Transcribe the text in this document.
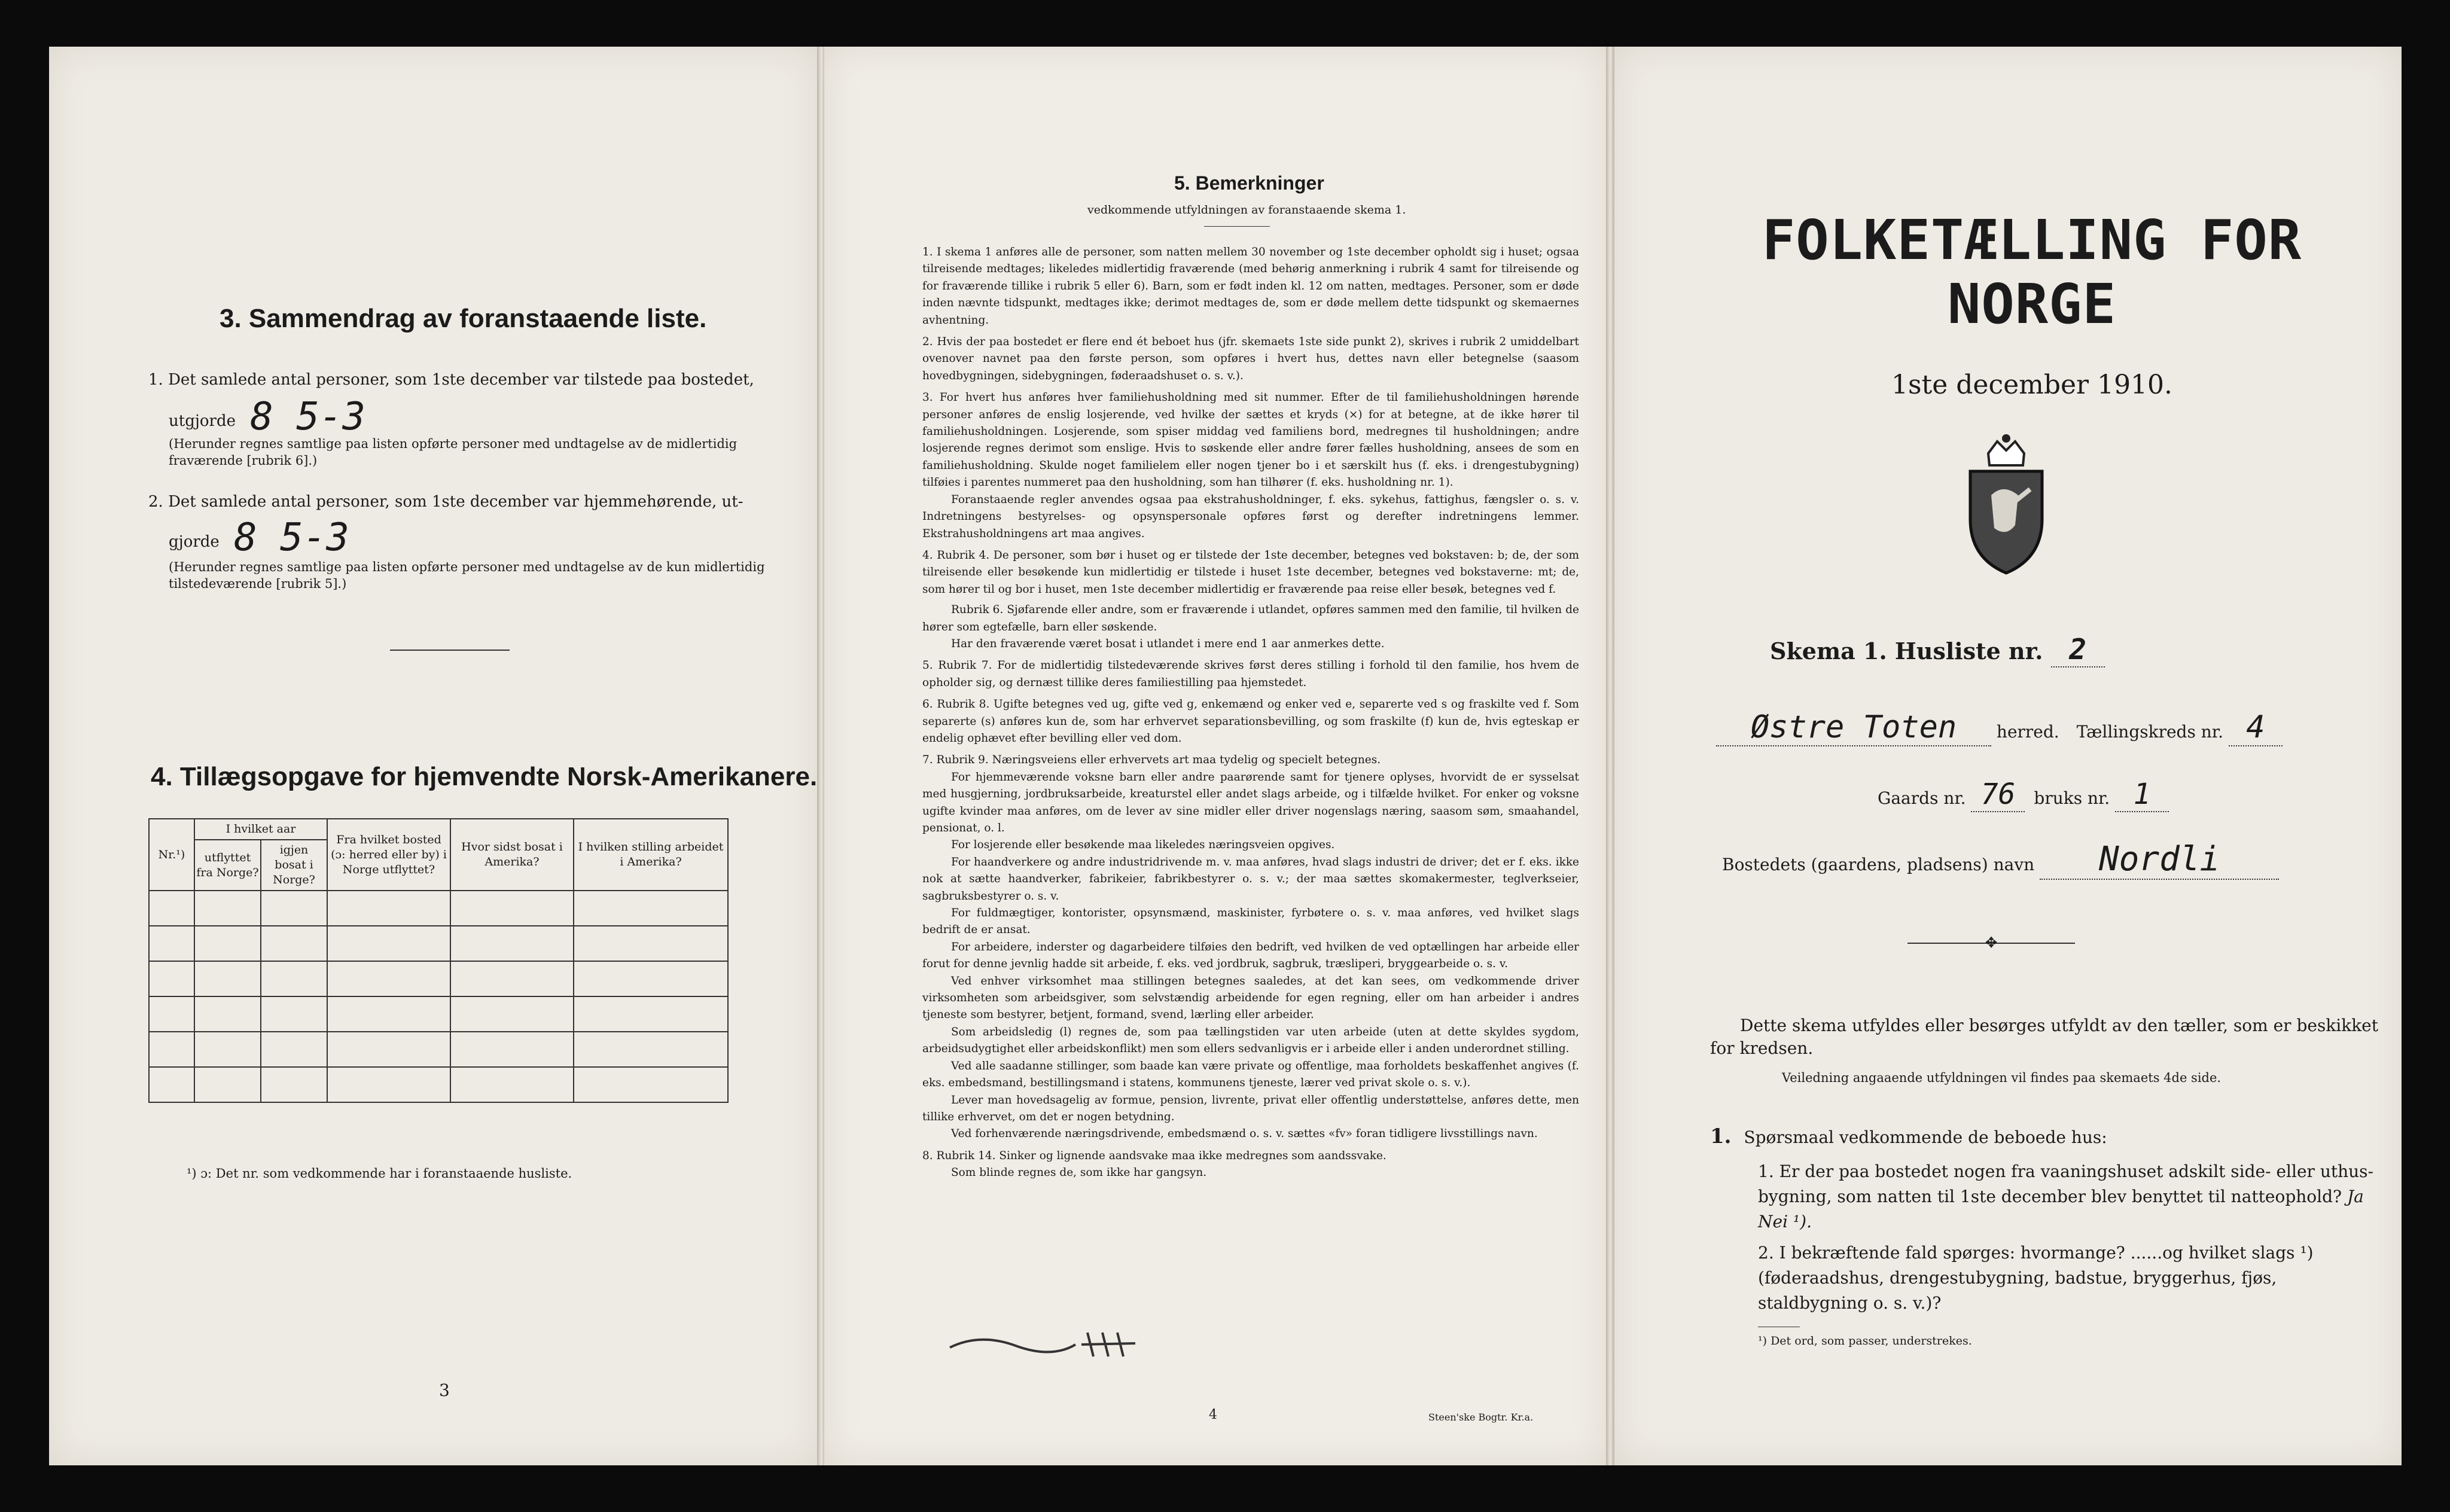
3. Sammendrag av foranstaaende liste.
1. Det samlede antal personer, som 1ste december var tilstede paa bostedet,
utgjorde 8 5-3
(Herunder regnes samtlige paa listen opførte personer med undtagelse av de midlertidig fraværende [rubrik 6].)
2. Det samlede antal personer, som 1ste december var hjemmehørende, ut-
gjorde 8 5-3
(Herunder regnes samtlige paa listen opførte personer med undtagelse av de kun midlertidig tilstedeværende [rubrik 5].)
4. Tillægsopgave for hjemvendte Norsk-Amerikanere.
Nr.¹)	I hvilket aar		Fra hvilket bosted (ɔ: herred eller by) i Norge utflyttet?	Hvor sidst bosat i Amerika?	I hvilken stilling arbeidet i Amerika?
	utflyttet fra Norge?	igjen bosat i Norge?			

¹) ɔ: Det nr. som vedkommende har i foranstaaende husliste.
3
5. Bemerkninger
vedkommende utfyldningen av foranstaaende skema 1.

1. I skema 1 anføres alle de personer, som natten mellem 30 november og 1ste december opholdt sig i huset; ogsaa tilreisende medtages; likeledes midlertidig fraværende (med behørig anmerkning i rubrik 4 samt for tilreisende og for fraværende tillike i rubrik 5 eller 6). Barn, som er født inden kl. 12 om natten, medtages. Personer, som er døde inden nævnte tidspunkt, medtages ikke; derimot medtages de, som er døde mellem dette tidspunkt og skemaernes avhentning.

2. Hvis der paa bostedet er flere end ét beboet hus (jfr. skemaets 1ste side punkt 2), skrives i rubrik 2 umiddelbart ovenover navnet paa den første person, som opføres i hvert hus, dettes navn eller betegnelse (saasom hovedbygningen, sidebygningen, føderaadshuset o. s. v.).

3. For hvert hus anføres hver familiehusholdning med sit nummer. Efter de til familiehusholdningen hørende personer anføres de enslig losjerende, ved hvilke der sættes et kryds (×) for at betegne, at de ikke hører til familiehusholdningen. Losjerende, som spiser middag ved familiens bord, medregnes til husholdningen; andre losjerende regnes derimot som enslige. Hvis to søskende eller andre fører fælles husholdning, ansees de som en familiehusholdning. Skulde noget familielem eller nogen tjener bo i et særskilt hus (f. eks. i drengestubygning) tilføies i parentes nummeret paa den husholdning, som han tilhører (f. eks. husholdning nr. 1).

Foranstaaende regler anvendes ogsaa paa ekstrahusholdninger, f. eks. sykehus, fattighus, fængsler o. s. v. Indretningens bestyrelses- og opsynspersonale opføres først og derefter indretningens lemmer. Ekstrahusholdningens art maa angives.

4. Rubrik 4. De personer, som bør i huset og er tilstede der 1ste december, betegnes ved bokstaven: b; de, der som tilreisende eller besøkende kun midlertidig er tilstede i huset 1ste december, betegnes ved bokstaverne: mt; de, som hører til og bor i huset, men 1ste december midlertidig er fraværende paa reise eller besøk, betegnes ved f.

Rubrik 6. Sjøfarende eller andre, som er fraværende i utlandet, opføres sammen med den familie, til hvilken de hører som egtefælle, barn eller søskende.

Har den fraværende været bosat i utlandet i mere end 1 aar anmerkes dette.

5. Rubrik 7. For de midlertidig tilstedeværende skrives først deres stilling i forhold til den familie, hos hvem de opholder sig, og dernæst tillike deres familiestilling paa hjemstedet.

6. Rubrik 8. Ugifte betegnes ved ug, gifte ved g, enkemænd og enker ved e, separerte ved s og fraskilte ved f. Som separerte (s) anføres kun de, som har erhvervet separationsbevilling, og som fraskilte (f) kun de, hvis egteskap er endelig ophævet efter bevilling eller ved dom.

7. Rubrik 9. Næringsveiens eller erhvervets art maa tydelig og specielt betegnes.

For hjemmeværende voksne barn eller andre paarørende samt for tjenere oplyses, hvorvidt de er sysselsat med husgjerning, jordbruksarbeide, kreaturstel eller andet slags arbeide, og i tilfælde hvilket. For enker og voksne ugifte kvinder maa anføres, om de lever av sine midler eller driver nogenslags næring, saasom søm, smaahandel, pensionat, o. l.

For losjerende eller besøkende maa likeledes næringsveien opgives.

For haandverkere og andre industridrivende m. v. maa anføres, hvad slags industri de driver; det er f. eks. ikke nok at sætte haandverker, fabrikeier, fabrikbestyrer o. s. v.; der maa sættes skomakermester, teglverkseier, sagbruksbestyrer o. s. v.

For fuldmægtiger, kontorister, opsynsmænd, maskinister, fyrbøtere o. s. v. maa anføres, ved hvilket slags bedrift de er ansat.

For arbeidere, inderster og dagarbeidere tilføies den bedrift, ved hvilken de ved optællingen har arbeide eller forut for denne jevnlig hadde sit arbeide, f. eks. ved jordbruk, sagbruk, træsliperi, bryggearbeide o. s. v.

Ved enhver virksomhet maa stillingen betegnes saaledes, at det kan sees, om vedkommende driver virksomheten som arbeidsgiver, som selvstændig arbeidende for egen regning, eller om han arbeider i andres tjeneste som bestyrer, betjent, formand, svend, lærling eller arbeider.

Som arbeidsledig (l) regnes de, som paa tællingstiden var uten arbeide (uten at dette skyldes sygdom, arbeidsudygtighet eller arbeidskonflikt) men som ellers sedvanligvis er i arbeide eller i anden underordnet stilling.

Ved alle saadanne stillinger, som baade kan være private og offentlige, maa forholdets beskaffenhet angives (f. eks. embedsmand, bestillingsmand i statens, kommunens tjeneste, lærer ved privat skole o. s. v.).

Lever man hovedsagelig av formue, pension, livrente, privat eller offentlig understøttelse, anføres dette, men tillike erhvervet, om det er nogen betydning.

Ved forhenværende næringsdrivende, embedsmænd o. s. v. sættes «fv» foran tidligere livsstillings navn.

8. Rubrik 14. Sinker og lignende aandsvake maa ikke medregnes som aandssvake.

Som blinde regnes de, som ikke har gangsyn.

4	Steen'ske Bogtr. Kr.a.
FOLKETÆLLING FOR NORGE
1ste december 1910.
Skema 1. Husliste nr. 2
Østre Toten herred. Tællingskreds nr. 4
Gaards nr. 76 bruks nr. 1
Bostedets (gaardens, pladsens) navn Nordli
✥
Dette skema utfyldes eller besørges utfyldt av den tæller, som er beskikket for kredsen.
Veiledning angaaende utfyldningen vil findes paa skemaets 4de side.
1. Spørsmaal vedkommende de beboede hus:
1. Er der paa bostedet nogen fra vaaningshuset adskilt side- eller uthus-bygning, som natten til 1ste december blev benyttet til natteophold? Ja Nei ¹).
2. I bekræftende fald spørges: hvormange? ......og hvilket slags ¹) (føderaadshus, drengestubygning, badstue, bryggerhus, fjøs, staldbygning o. s. v.)?
¹) Det ord, som passer, understrekes.
